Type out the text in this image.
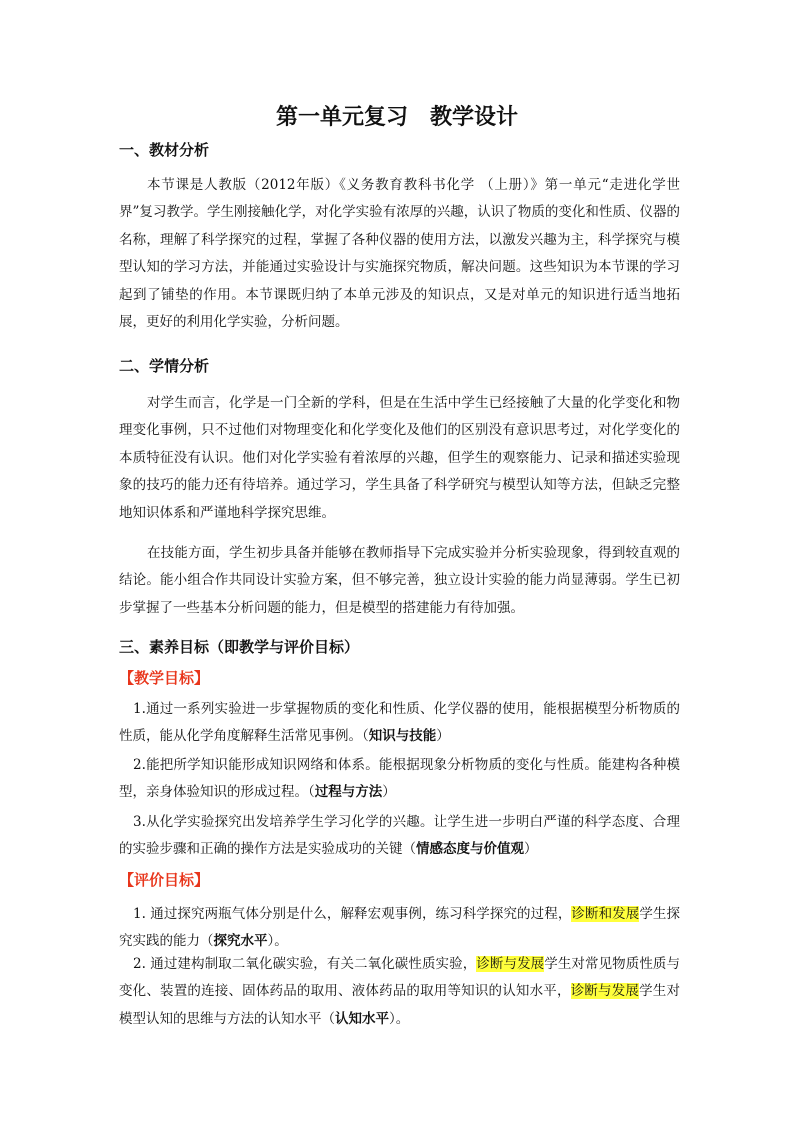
第一单元复习　教学设计
一、教材分析

本节课是人教版（2012年版）《义务教育教科书化学 （上册）》第一单元“走进化学世界”复习教学。学生刚接触化学，对化学实验有浓厚的兴趣，认识了物质的变化和性质、仪器的名称，理解了科学探究的过程，掌握了各种仪器的使用方法，以激发兴趣为主，科学探究与模型认知的学习方法，并能通过实验设计与实施探究物质，解决问题。这些知识为本节课的学习起到了铺垫的作用。本节课既归纳了本单元涉及的知识点，又是对单元的知识进行适当地拓展，更好的利用化学实验，分析问题。

二、学情分析

对学生而言，化学是一门全新的学科，但是在生活中学生已经接触了大量的化学变化和物理变化事例，只不过他们对物理变化和化学变化及他们的区别没有意识思考过，对化学变化的本质特征没有认识。他们对化学实验有着浓厚的兴趣，但学生的观察能力、记录和描述实验现象的技巧的能力还有待培养。通过学习，学生具备了科学研究与模型认知等方法，但缺乏完整地知识体系和严谨地科学探究思维。

在技能方面，学生初步具备并能够在教师指导下完成实验并分析实验现象，得到较直观的结论。能小组合作共同设计实验方案，但不够完善，独立设计实验的能力尚显薄弱。学生已初步掌握了一些基本分析问题的能力，但是模型的搭建能力有待加强。

三、素养目标（即教学与评价目标）
【教学目标】

1.通过一系列实验进一步掌握物质的变化和性质、化学仪器的使用，能根据模型分析物质的性质，能从化学角度解释生活常见事例。（知识与技能）

2.能把所学知识能形成知识网络和体系。能根据现象分析物质的变化与性质。能建构各种模型，亲身体验知识的形成过程。（过程与方法）

3.从化学实验探究出发培养学生学习化学的兴趣。让学生进一步明白严谨的科学态度、合理的实验步骤和正确的操作方法是实验成功的关键（情感态度与价值观）

【评价目标】

1. 通过探究两瓶气体分别是什么，解释宏观事例，练习科学探究的过程，诊断和发展学生探究实践的能力（探究水平）。

2. 通过建构制取二氧化碳实验，有关二氧化碳性质实验，诊断与发展学生对常见物质性质与变化、装置的连接、固体药品的取用、液体药品的取用等知识的认知水平，诊断与发展学生对模型认知的思维与方法的认知水平（认知水平）。
